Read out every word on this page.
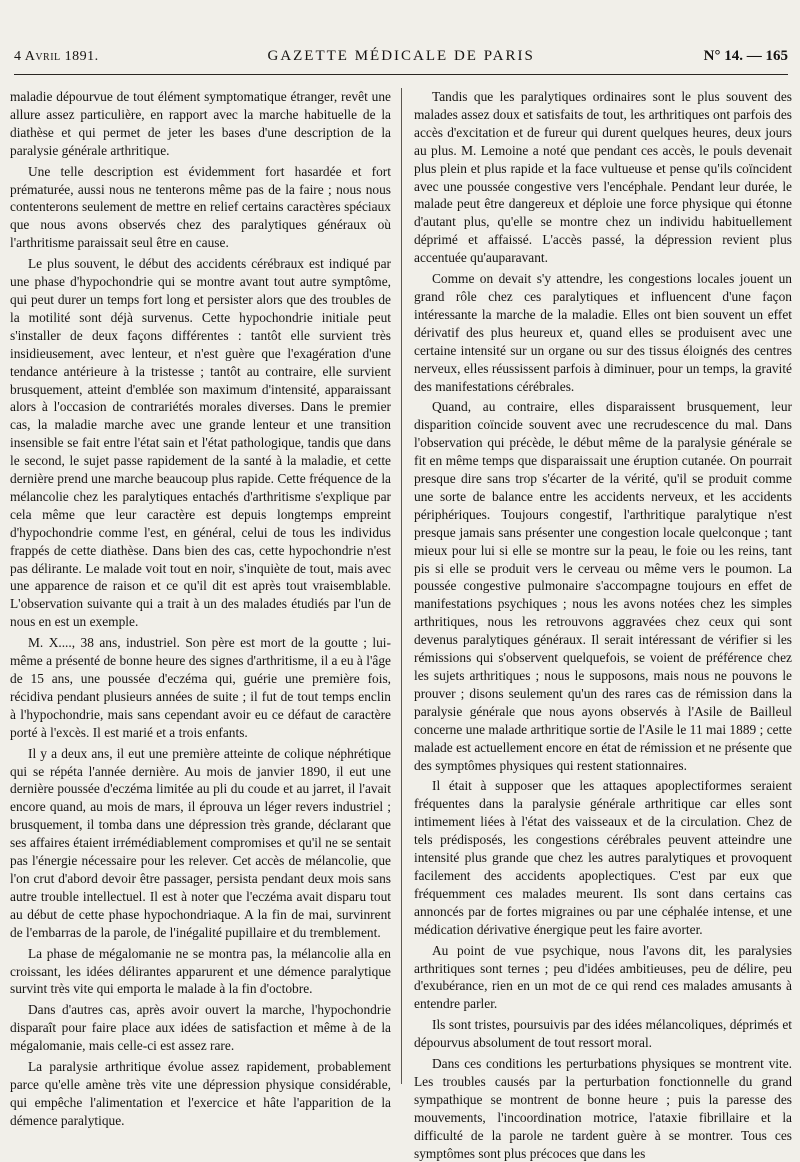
4 Avril 1891.	GAZETTE MÉDICALE DE PARIS	N° 14. — 165

maladie dépourvue de tout élément symptomatique étranger, revêt une allure assez particulière, en rapport avec la marche habituelle de la diathèse et qui permet de jeter les bases d'une description de la paralysie générale arthritique.

Une telle description est évidemment fort hasardée et fort prématurée, aussi nous ne tenterons même pas de la faire ; nous nous contenterons seulement de mettre en relief certains caractères spéciaux que nous avons observés chez des paralytiques généraux où l'arthritisme paraissait seul être en cause.

Le plus souvent, le début des accidents cérébraux est indiqué par une phase d'hypochondrie qui se montre avant tout autre symptôme, qui peut durer un temps fort long et persister alors que des troubles de la motilité sont déjà survenus. Cette hypochondrie initiale peut s'installer de deux façons différentes : tantôt elle survient très insidieusement, avec lenteur, et n'est guère que l'exagération d'une tendance antérieure à la tristesse ; tantôt au contraire, elle survient brusquement, atteint d'emblée son maximum d'intensité, apparaissant alors à l'occasion de contrariétés morales diverses. Dans le premier cas, la maladie marche avec une grande lenteur et une transition insensible se fait entre l'état sain et l'état pathologique, tandis que dans le second, le sujet passe rapidement de la santé à la maladie, et cette dernière prend une marche beaucoup plus rapide. Cette fréquence de la mélancolie chez les paralytiques entachés d'arthritisme s'explique par cela même que leur caractère est depuis longtemps empreint d'hypochondrie comme l'est, en général, celui de tous les individus frappés de cette diathèse. Dans bien des cas, cette hypochondrie n'est pas délirante. Le malade voit tout en noir, s'inquiète de tout, mais avec une apparence de raison et ce qu'il dit est après tout vraisemblable. L'observation suivante qui a trait à un des malades étudiés par l'un de nous en est un exemple.

M. X...., 38 ans, industriel. Son père est mort de la goutte ; lui-même a présenté de bonne heure des signes d'arthritisme, il a eu à l'âge de 15 ans, une poussée d'eczéma qui, guérie une première fois, récidiva pendant plusieurs années de suite ; il fut de tout temps enclin à l'hypochondrie, mais sans cependant avoir eu ce défaut de caractère porté à l'excès. Il est marié et a trois enfants.

Il y a deux ans, il eut une première atteinte de colique néphrétique qui se répéta l'année dernière. Au mois de janvier 1890, il eut une dernière poussée d'eczéma limitée au pli du coude et au jarret, il l'avait encore quand, au mois de mars, il éprouva un léger revers industriel ; brusquement, il tomba dans une dépression très grande, déclarant que ses affaires étaient irrémédiablement compromises et qu'il ne se sentait pas l'énergie nécessaire pour les relever. Cet accès de mélancolie, que l'on crut d'abord devoir être passager, persista pendant deux mois sans autre trouble intellectuel. Il est à noter que l'eczéma avait disparu tout au début de cette phase hypochondriaque. A la fin de mai, survinrent de l'embarras de la parole, de l'inégalité pupillaire et du tremblement.

La phase de mégalomanie ne se montra pas, la mélancolie alla en croissant, les idées délirantes apparurent et une démence paralytique survint très vite qui emporta le malade à la fin d'octobre.

Dans d'autres cas, après avoir ouvert la marche, l'hypochondrie disparaît pour faire place aux idées de satisfaction et même à de la mégalomanie, mais celle-ci est assez rare.

La paralysie arthritique évolue assez rapidement, probablement parce qu'elle amène très vite une dépression physique considérable, qui empêche l'alimentation et l'exercice et hâte l'apparition de la démence paralytique.

Tandis que les paralytiques ordinaires sont le plus souvent des malades assez doux et satisfaits de tout, les arthritiques ont parfois des accès d'excitation et de fureur qui durent quelques heures, deux jours au plus. M. Lemoine a noté que pendant ces accès, le pouls devenait plus plein et plus rapide et la face vultueuse et pense qu'ils coïncident avec une poussée congestive vers l'encéphale. Pendant leur durée, le malade peut être dangereux et déploie une force physique qui étonne d'autant plus, qu'elle se montre chez un individu habituellement déprimé et affaissé. L'accès passé, la dépression revient plus accentuée qu'auparavant.

Comme on devait s'y attendre, les congestions locales jouent un grand rôle chez ces paralytiques et influencent d'une façon intéressante la marche de la maladie. Elles ont bien souvent un effet dérivatif des plus heureux et, quand elles se produisent avec une certaine intensité sur un organe ou sur des tissus éloignés des centres nerveux, elles réussissent parfois à diminuer, pour un temps, la gravité des manifestations cérébrales.

Quand, au contraire, elles disparaissent brusquement, leur disparition coïncide souvent avec une recrudescence du mal. Dans l'observation qui précède, le début même de la paralysie générale se fit en même temps que disparaissait une éruption cutanée. On pourrait presque dire sans trop s'écarter de la vérité, qu'il se produit comme une sorte de balance entre les accidents nerveux, et les accidents périphériques. Toujours congestif, l'arthritique paralytique n'est presque jamais sans présenter une congestion locale quelconque ; tant mieux pour lui si elle se montre sur la peau, le foie ou les reins, tant pis si elle se produit vers le cerveau ou même vers le poumon. La poussée congestive pulmonaire s'accompagne toujours en effet de manifestations psychiques ; nous les avons notées chez les simples arthritiques, nous les retrouvons aggravées chez ceux qui sont devenus paralytiques généraux. Il serait intéressant de vérifier si les rémissions qui s'observent quelquefois, se voient de préférence chez les sujets arthritiques ; nous le supposons, mais nous ne pouvons le prouver ; disons seulement qu'un des rares cas de rémission dans la paralysie générale que nous ayons observés à l'Asile de Bailleul concerne une malade arthritique sortie de l'Asile le 11 mai 1889 ; cette malade est actuellement encore en état de rémission et ne présente que des symptômes physiques qui restent stationnaires.

Il était à supposer que les attaques apoplectiformes seraient fréquentes dans la paralysie générale arthritique car elles sont intimement liées à l'état des vaisseaux et de la circulation. Chez de tels prédisposés, les congestions cérébrales peuvent atteindre une intensité plus grande que chez les autres paralytiques et provoquent facilement des accidents apoplectiques. C'est par eux que fréquemment ces malades meurent. Ils sont dans certains cas annoncés par de fortes migraines ou par une céphalée intense, et une médication dérivative énergique peut les faire avorter.

Au point de vue psychique, nous l'avons dit, les paralysies arthritiques sont ternes ; peu d'idées ambitieuses, peu de délire, peu d'exubérance, rien en un mot de ce qui rend ces malades amusants à entendre parler.

Ils sont tristes, poursuivis par des idées mélancoliques, déprimés et dépourvus absolument de tout ressort moral.

Dans ces conditions les perturbations physiques se montrent vite. Les troubles causés par la perturbation fonctionnelle du grand sympathique se montrent de bonne heure ; puis la paresse des mouvements, l'incoordination motrice, l'ataxie fibrillaire et la difficulté de la parole ne tardent guère à se montrer. Tous ces symptômes sont plus précoces que dans les
